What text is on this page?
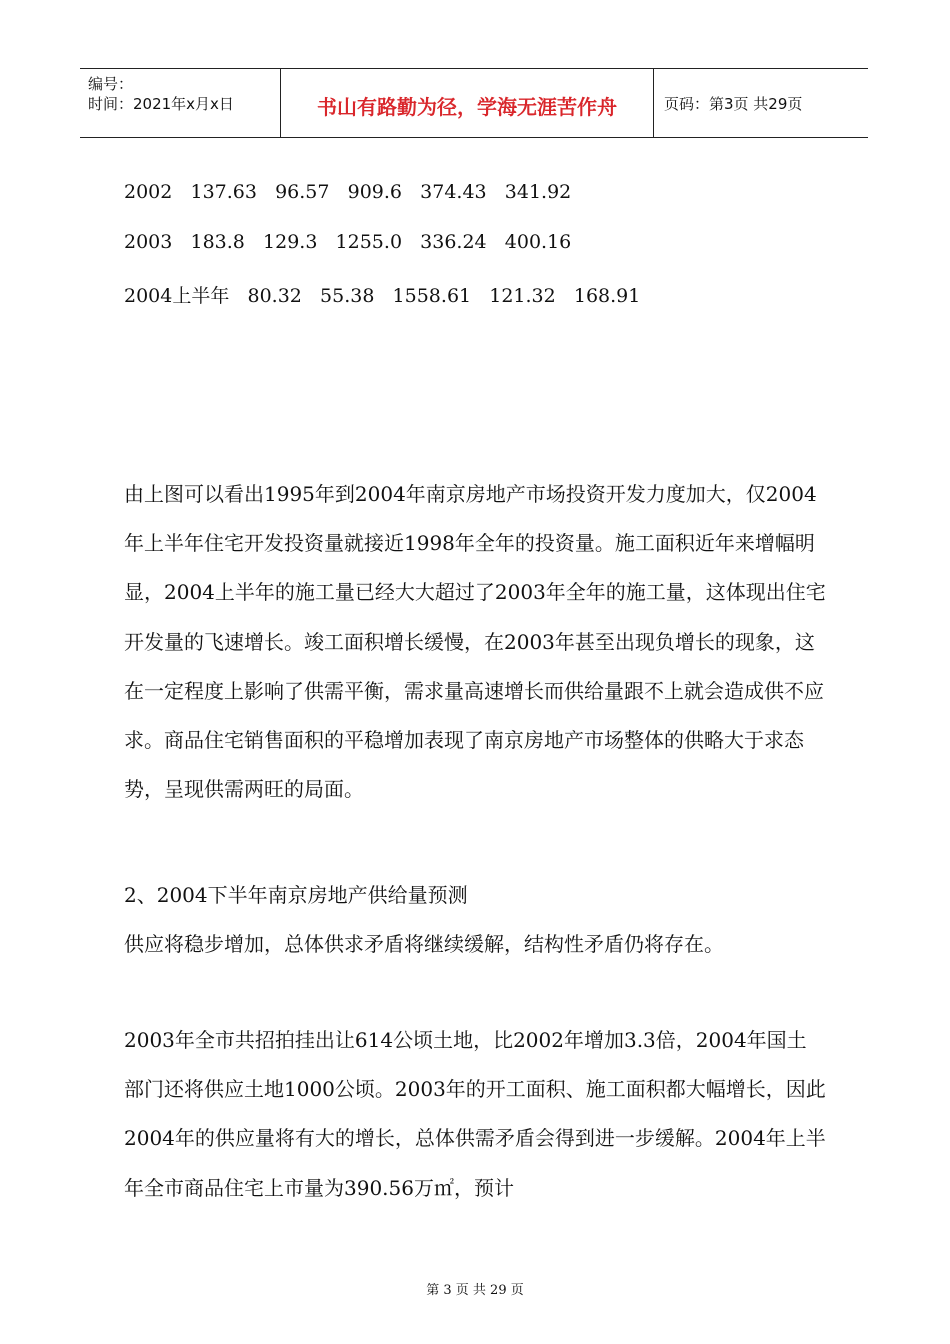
编号：
时间：2021年x月x日	书山有路勤为径，学海无涯苦作舟	页码：第3页 共29页
2002 137.63 96.57 909.6 374.43 341.92
2003 183.8 129.3 1255.0 336.24 400.16
2004上半年 80.32 55.38 1558.61 121.32 168.91
由上图可以看出1995年到2004年南京房地产市场投资开发力度加大，仅2004年上半年住宅开发投资量就接近1998年全年的投资量。施工面积近年来增幅明显，2004上半年的施工量已经大大超过了2003年全年的施工量，这体现出住宅开发量的飞速增长。竣工面积增长缓慢，在2003年甚至出现负增长的现象，这在一定程度上影响了供需平衡，需求量高速增长而供给量跟不上就会造成供不应求。商品住宅销售面积的平稳增加表现了南京房地产市场整体的供略大于求态势，呈现供需两旺的局面。
2、2004下半年南京房地产供给量预测
供应将稳步增加，总体供求矛盾将继续缓解，结构性矛盾仍将存在。
2003年全市共招拍挂出让614公顷土地，比2002年增加3.3倍，2004年国土部门还将供应土地1000公顷。2003年的开工面积、施工面积都大幅增长，因此2004年的供应量将有大的增长，总体供需矛盾会得到进一步缓解。2004年上半年全市商品住宅上市量为390.56万㎡，预计
第 3 页 共 29 页
